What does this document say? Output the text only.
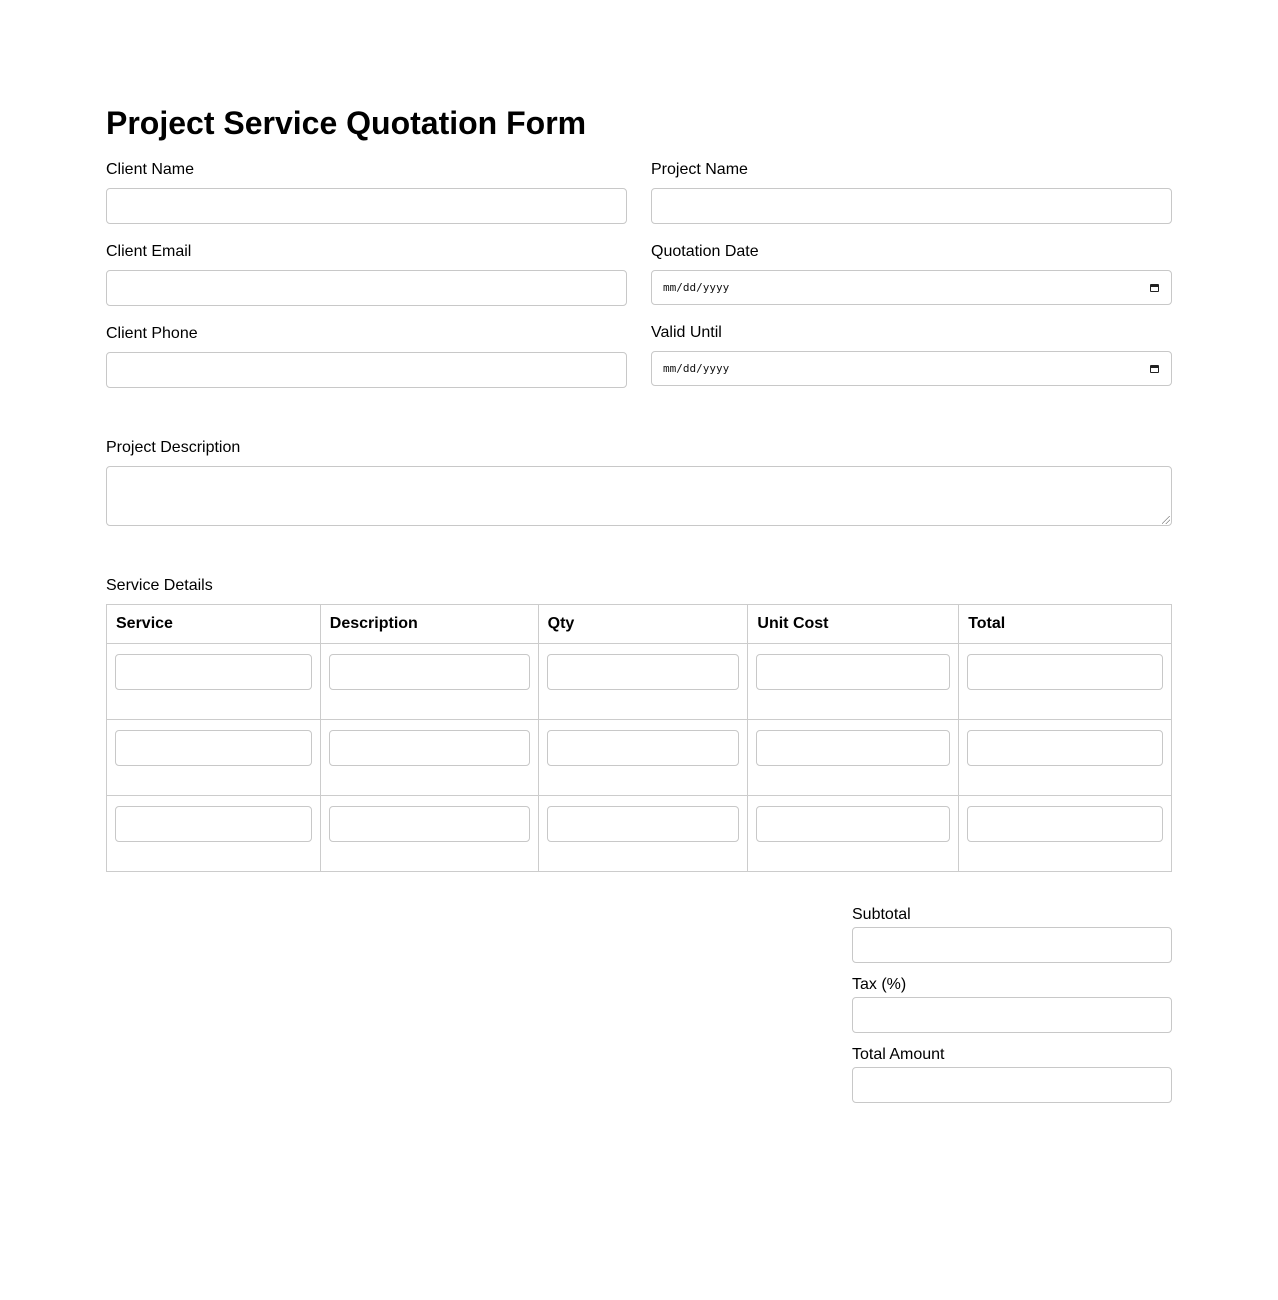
Project Service Quotation Form
Client Name
Client Email
Client Phone
Project Name
Quotation Date
mm/dd/yyyy
Valid Until
mm/dd/yyyy
Project Description
Service Details
Service	Description	Qty	Unit Cost	Total

Subtotal
Tax (%)
Total Amount
